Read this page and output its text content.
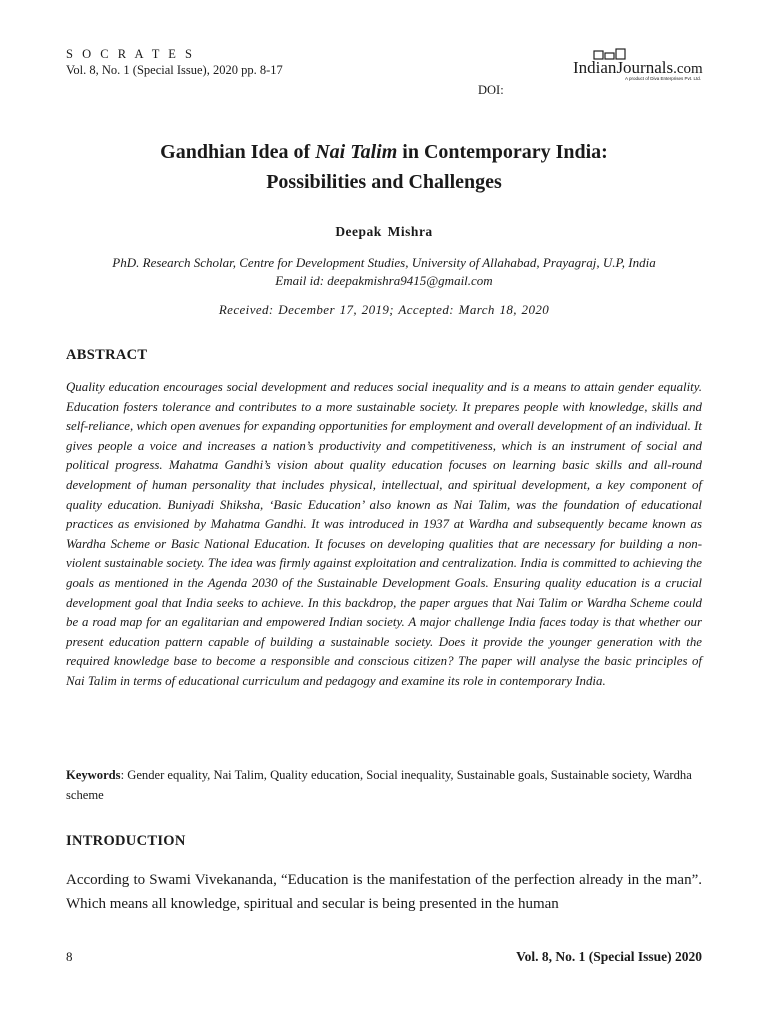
S O C R A T E S
Vol. 8, No. 1 (Special Issue), 2020 pp. 8-17	IndianJournals.com
A product of Diva Enterprises Pvt. Ltd.
DOI:
Gandhian Idea of Nai Talim in Contemporary India:
Possibilities and Challenges
Deepak Mishra
PhD. Research Scholar, Centre for Development Studies, University of Allahabad, Prayagraj, U.P, India
Email id: deepakmishra9415@gmail.com
Received: December 17, 2019; Accepted: March 18, 2020
ABSTRACT

Quality education encourages social development and reduces social inequality and is a means to attain gender equality. Education fosters tolerance and contributes to a more sustainable society. It prepares people with knowledge, skills and self-reliance, which open avenues for expanding opportunities for employment and overall development of an individual. It gives people a voice and increases a nation’s productivity and competitiveness, which is an instrument of social and political progress. Mahatma Gandhi’s vision about quality education focuses on learning basic skills and all-round development of human personality that includes physical, intellectual, and spiritual development, a key component of quality education. Buniyadi Shiksha, ‘Basic Education’ also known as Nai Talim, was the foundation of educational practices as envisioned by Mahatma Gandhi. It was introduced in 1937 at Wardha and subsequently became known as Wardha Scheme or Basic National Education. It focuses on developing qualities that are necessary for building a non-violent sustainable society. The idea was firmly against exploitation and centralization. India is committed to achieving the goals as mentioned in the Agenda 2030 of the Sustainable Development Goals. Ensuring quality education is a crucial development goal that India seeks to achieve. In this backdrop, the paper argues that Nai Talim or Wardha Scheme could be a road map for an egalitarian and empowered Indian society. A major challenge India faces today is that whether our present education pattern capable of building a sustainable society. Does it provide the younger generation with the required knowledge base to become a responsible and conscious citizen? The paper will analyse the basic principles of Nai Talim in terms of educational curriculum and pedagogy and examine its role in contemporary India.

Keywords: Gender equality, Nai Talim, Quality education, Social inequality, Sustainable goals, Sustainable society, Wardha scheme

INTRODUCTION

According to Swami Vivekananda, “Education is the manifestation of the perfection already in the man”. Which means all knowledge, spiritual and secular is being presented in the human

8	Vol. 8, No. 1 (Special Issue) 2020
